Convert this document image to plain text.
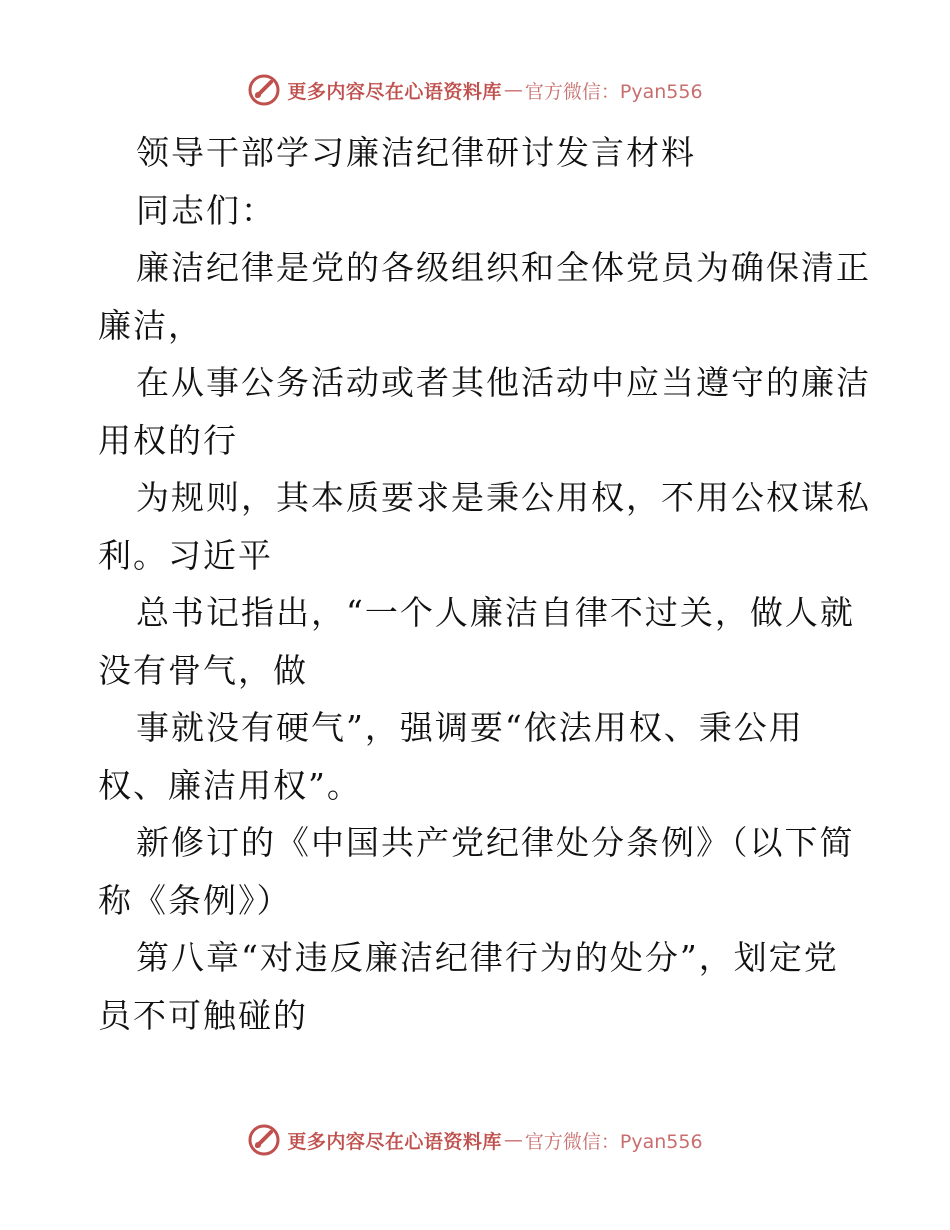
更多内容尽在心语资料库 — 官方微信：Pyan556
领导干部学习廉洁纪律研讨发言材料
同志们：
廉洁纪律是党的各级组织和全体党员为确保清正
廉洁，
在从事公务活动或者其他活动中应当遵守的廉洁
用权的行
为规则，其本质要求是秉公用权，不用公权谋私
利。习近平
总书记指出，“一个人廉洁自律不过关，做人就
没有骨气，做
事就没有硬气”，强调要“依法用权、秉公用
权、廉洁用权”。
新修订的《中国共产党纪律处分条例》（以下简
称《条例》）
第八章“对违反廉洁纪律行为的处分”，划定党
员不可触碰的
更多内容尽在心语资料库 — 官方微信：Pyan556
